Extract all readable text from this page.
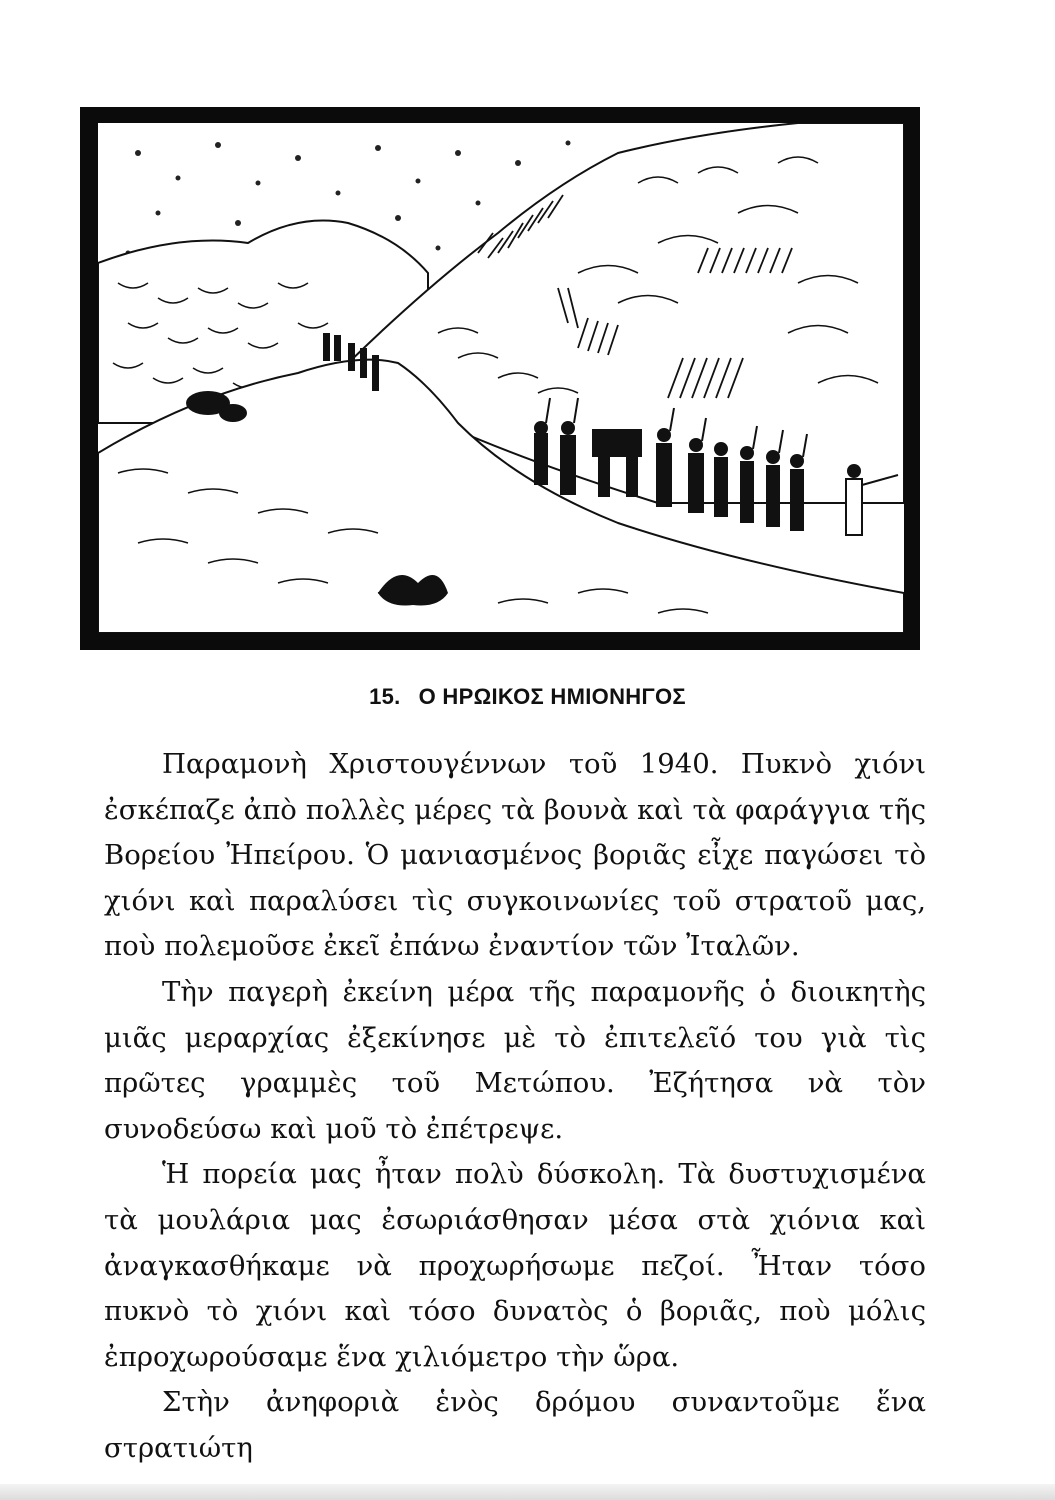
15. Ο ΗΡΩΙΚΟΣ ΗΜΙΟΝΗΓΟΣ

Παραμονὴ Χριστουγέννων τοῦ 1940. Πυκνὸ χιόνι ἐσκέπαζε ἀπὸ πολλὲς μέρες τὰ βουνὰ καὶ τὰ φαράγγια τῆς Βορείου Ἠπείρου. Ὁ μανιασμένος βοριᾶς εἶχε παγώσει τὸ χιόνι καὶ παραλύσει τὶς συγκοινωνίες τοῦ στρατοῦ μας, ποὺ πολεμοῦσε ἐκεῖ ἐπάνω ἐναντίον τῶν Ἰταλῶν.

Τὴν παγερὴ ἐκείνη μέρα τῆς παραμονῆς ὁ διοικητὴς μιᾶς μεραρχίας ἐξεκίνησε μὲ τὸ ἐπιτελεῖό του γιὰ τὶς πρῶτες γραμμὲς τοῦ Μετώπου. Ἐζήτησα νὰ τὸν συνοδεύσω καὶ μοῦ τὸ ἐπέτρεψε.

Ἡ πορεία μας ἦταν πολὺ δύσκολη. Τὰ δυστυχισμένα τὰ μουλάρια μας ἐσωριάσθησαν μέσα στὰ χιόνια καὶ ἀναγκασθήκαμε νὰ προχωρήσωμε πεζοί. Ἦταν τόσο πυκνὸ τὸ χιόνι καὶ τόσο δυνατὸς ὁ βοριᾶς, ποὺ μόλις ἐπροχωρούσαμε ἕνα χιλιόμετρο τὴν ὥρα.

Στὴν ἀνηφοριὰ ἑνὸς δρόμου συναντοῦμε ἕνα στρατιώτη
